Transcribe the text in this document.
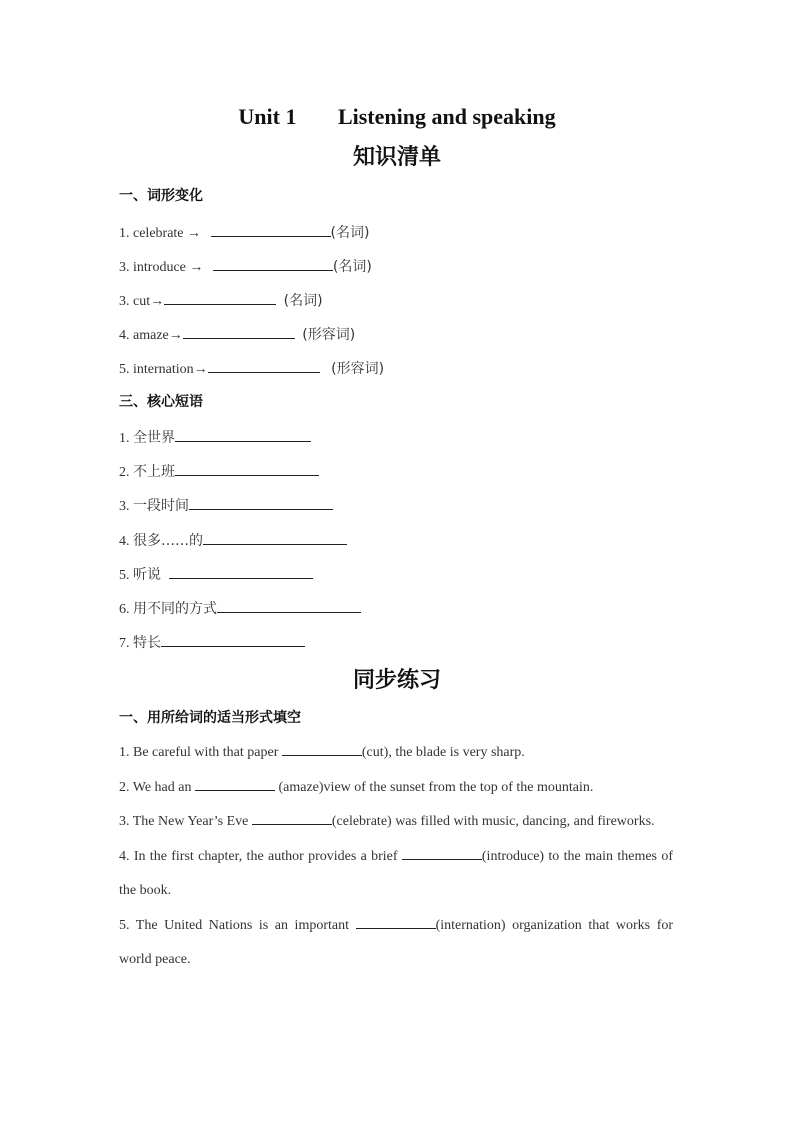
Unit 1 Listening and speaking
知识清单
一、词形变化
1. celebrate →	(名词)
3. introduce →	(名词)
3. cut→	(名词)
4. amaze→	(形容词)
5. internation→	(形容词)
三、核心短语
1. 全世界
2. 不上班
3. 一段时间
4. 很多……的
5. 听说
6. 用不同的方式
7. 特长
同步练习
一、用所给词的适当形式填空
1. Be careful with that paper	(cut), the blade is very sharp.
2. We had an	(amaze)view of the sunset from the top of the mountain.
3. The New Year’s Eve	(celebrate) was filled with music, dancing, and fireworks.
4. In the first chapter, the author provides a brief	(introduce) to the main themes of the book.
5. The United Nations is an important	(internation) organization that works for world peace.
